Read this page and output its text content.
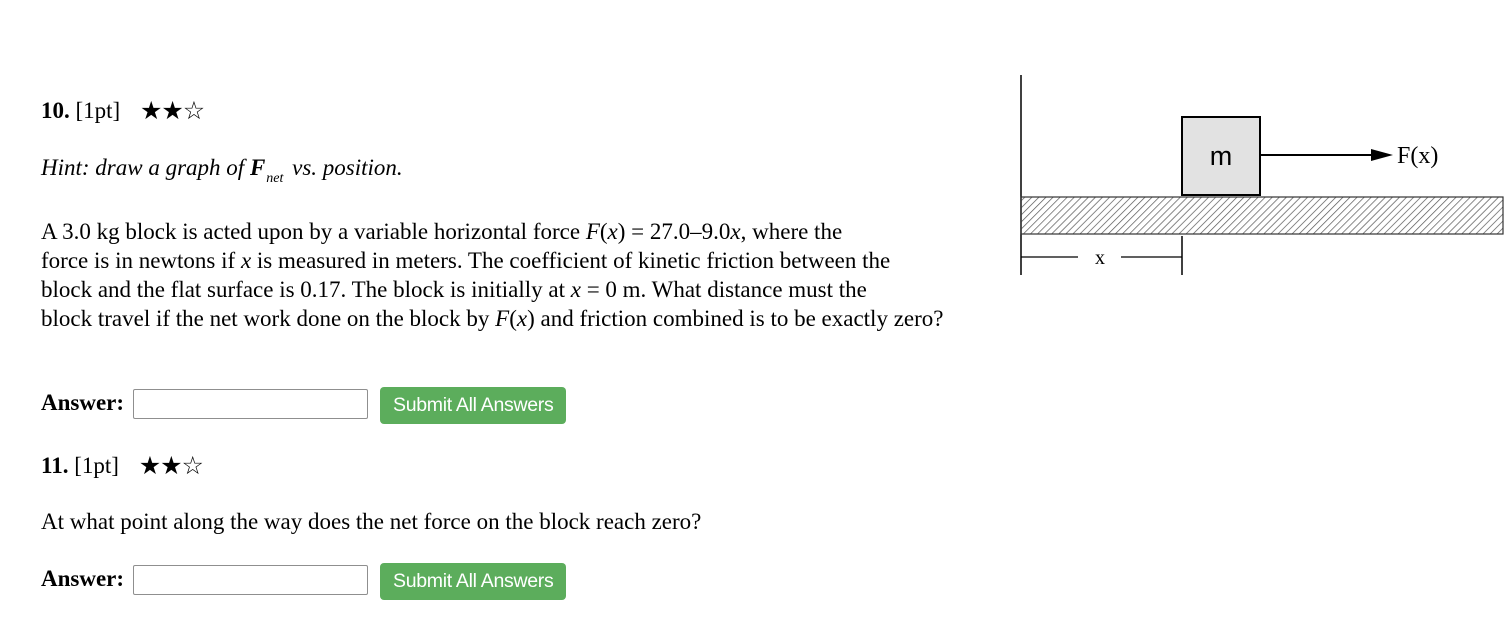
10. [1pt] ★★☆
Hint: draw a graph of $F_{net}$ vs. position.
A 3.0 kg block is acted upon by a variable horizontal force F(x) = 27.0–9.0x, where the
force is in newtons if x is measured in meters. The coefficient of kinetic friction between the
block and the flat surface is 0.17. The block is initially at x = 0 m. What distance must the
block travel if the net work done on the block by F(x) and friction combined is to be exactly zero?
m	F(x)
x
Answer:	Submit All Answers
11. [1pt] ★★☆
At what point along the way does the net force on the block reach zero?
Answer:	Submit All Answers
